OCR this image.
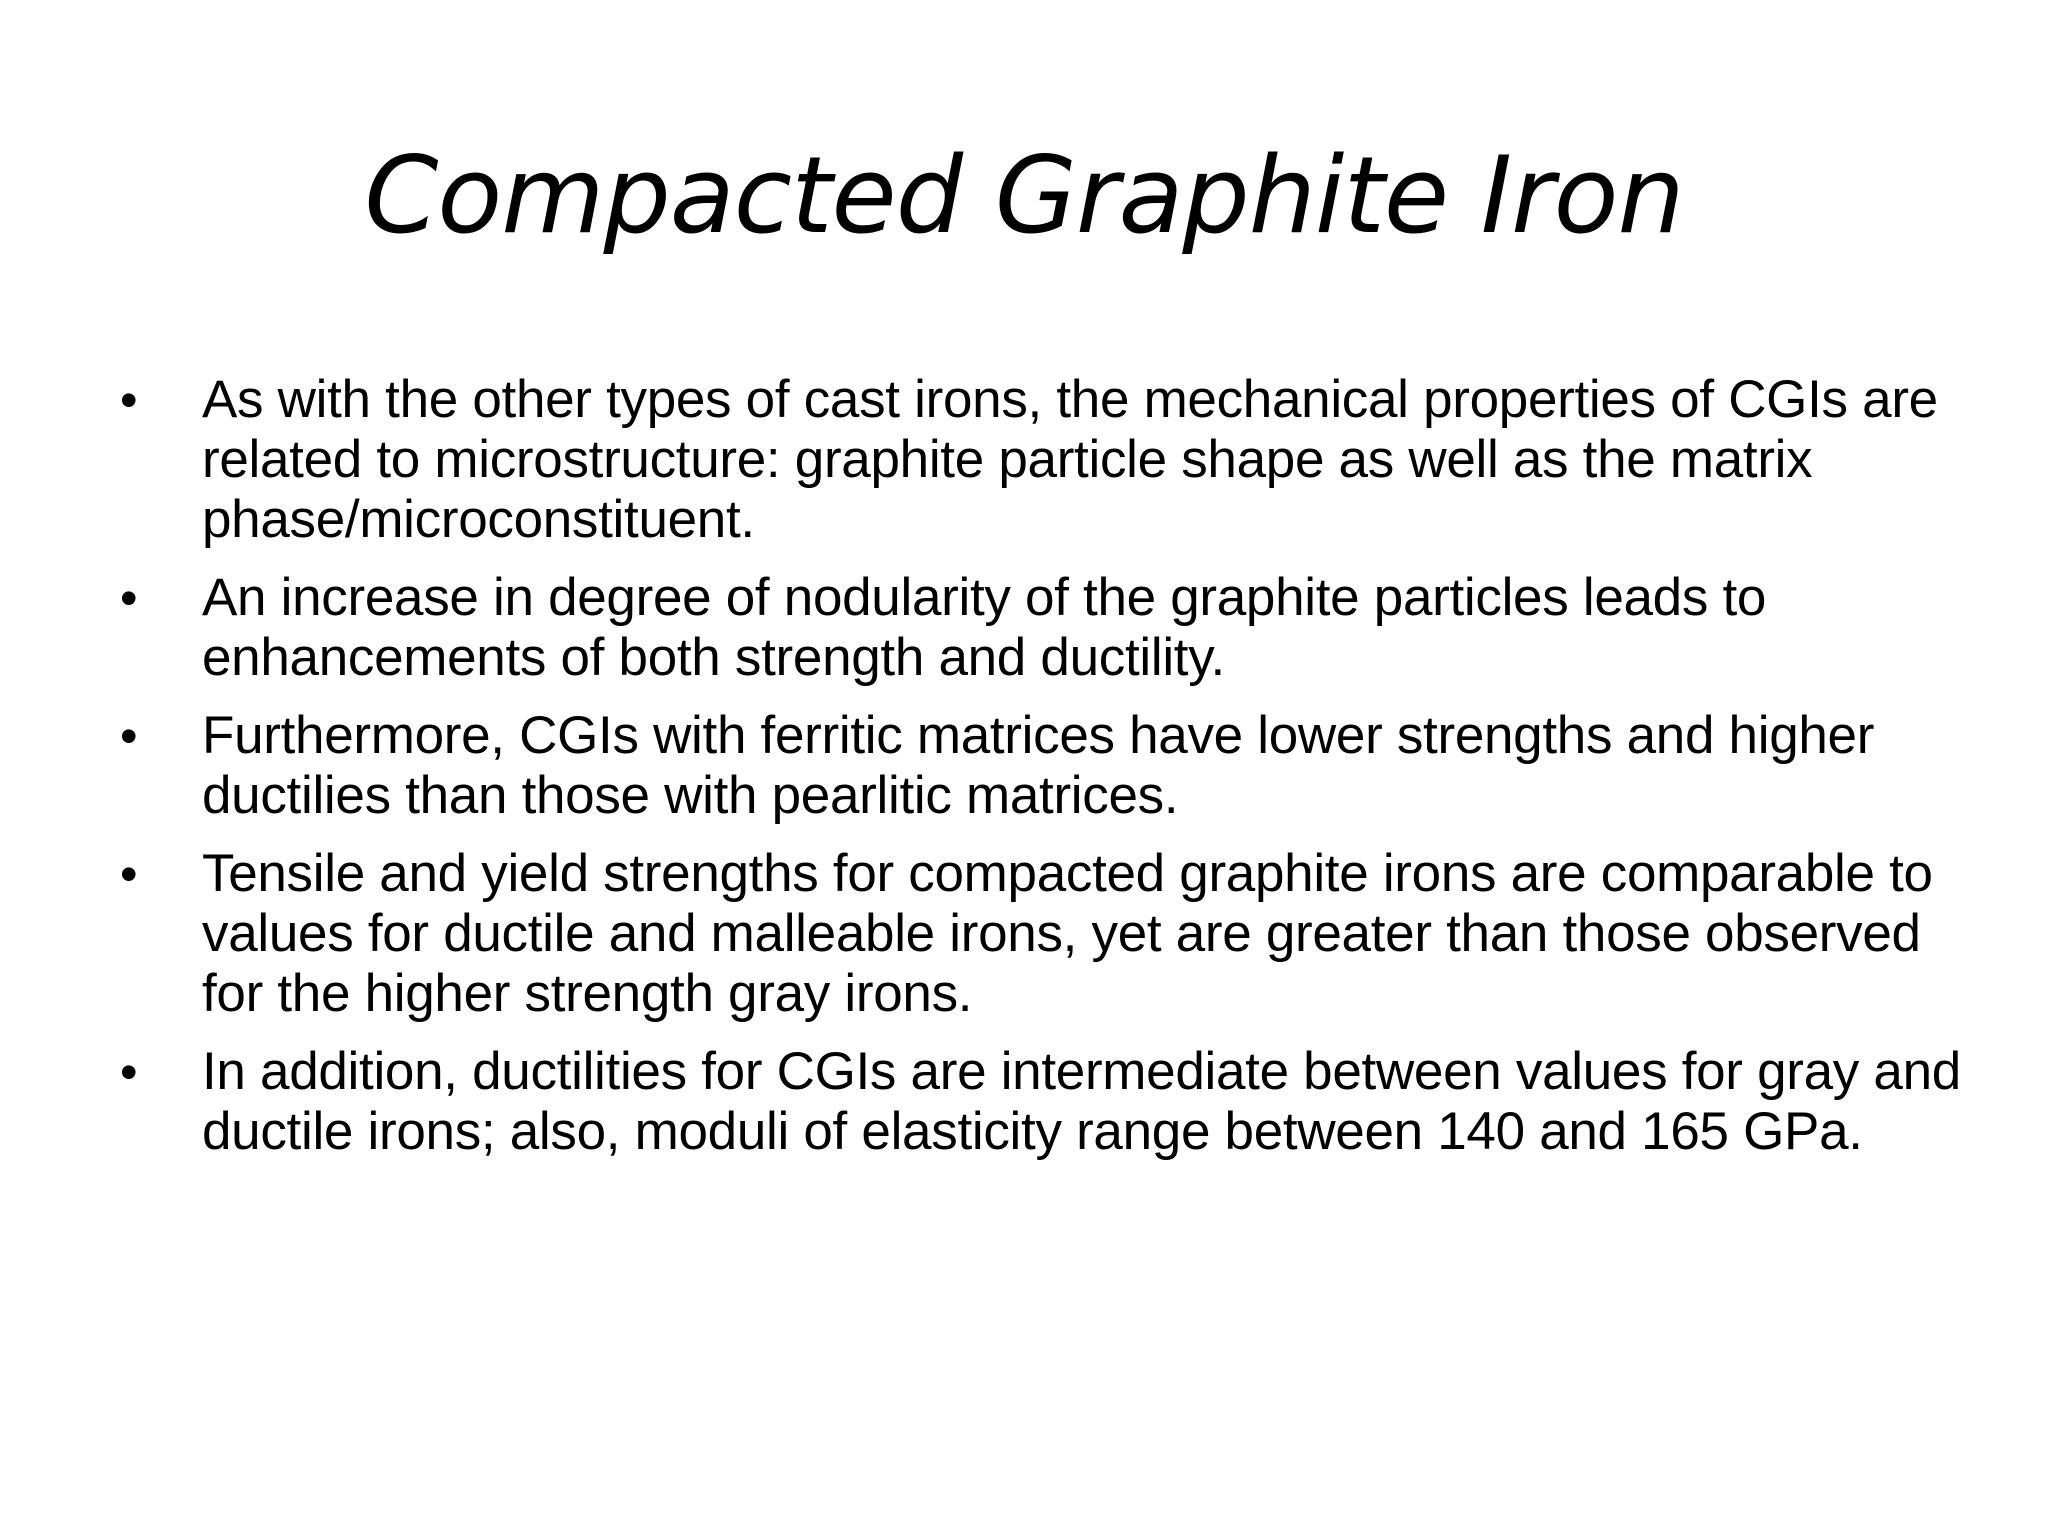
Compacted Graphite Iron
•	As with the other types of cast irons, the mechanical properties of CGIs are related to microstructure: graphite particle shape as well as the matrix phase/microconstituent.
•	An increase in degree of nodularity of the graphite particles leads to enhancements of both strength and ductility.
•	Furthermore, CGIs with ferritic matrices have lower strengths and higher ductilies than those with pearlitic matrices.
•	Tensile and yield strengths for compacted graphite irons are comparable to values for ductile and malleable irons, yet are greater than those observed for the higher strength gray irons.
•	In addition, ductilities for CGIs are intermediate between values for gray and ductile irons; also, moduli of elasticity range between 140 and 165 GPa.
